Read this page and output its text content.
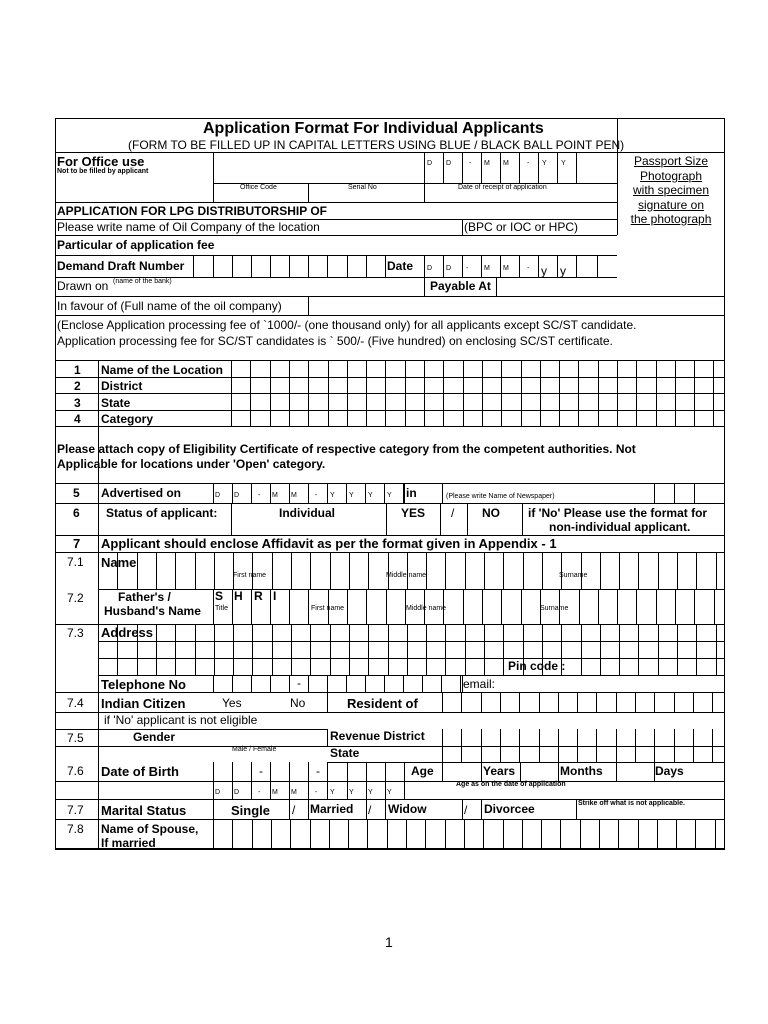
Application Format For Individual Applicants
(FORM TO BE FILLED UP IN CAPITAL LETTERS USING BLUE / BLACK BALL POINT PEN)
For Office use
Not to be filled by applicant
Office Code	Serial No	Date of receipt of application
D D	- M M	- Y Y	Passport Size
Photograph
with specimen
signature on
the photograph
APPLICATION FOR LPG DISTRIBUTORSHIP OF
Please write name of Oil Company of the location	(BPC or IOC or HPC)
Particular of application fee
Demand Draft Number	Date D D - M M	- y y
Drawn on (name of the bank)	Payable At
In favour of (Full name of the oil company)
(Enclose Application processing fee of `1000/- (one thousand only) for all applicants except SC/ST candidate.
Application processing fee for SC/ST candidates is ` 500/- (Five hundred) on enclosing SC/ST certificate.
1 Name of the Location
2 District
3 State
4 Category
Please attach copy of Eligibility Certificate of respective category from the competent authorities. Not
Applicable for locations under 'Open' category.
5 Advertised on	D D	- M M	- Y Y Y Y in	(Please write Name of Newspaper)
6 Status of applicant:	Individual	YES / NO if 'No' Please use the format for
non-individual applicant.
7 Applicant should enclose Affidavit as per the format given in Appendix - 1
7.1 Name
First name	Middle name	Surname
7.2	Father's /
Husband's Name
S H R I
Title	First name	Middle name	Surname
7.3 Address
Pin code :
Telephone No	-	email:
7.4 Indian Citizen	Yes	No	Resident of
if 'No' applicant is not eligible
7.5	Gender
Male / Female
Revenue District
State
7.6 Date of Birth	-	-	Age	Years	Months	Days
Age as on the date of application
D D	- M M	- Y Y Y Y
7.7 Marital Status	Single / Married / Widow	/ Divorcee	Strike off what is not applicable.
7.8 Name of Spouse,
If married
1
